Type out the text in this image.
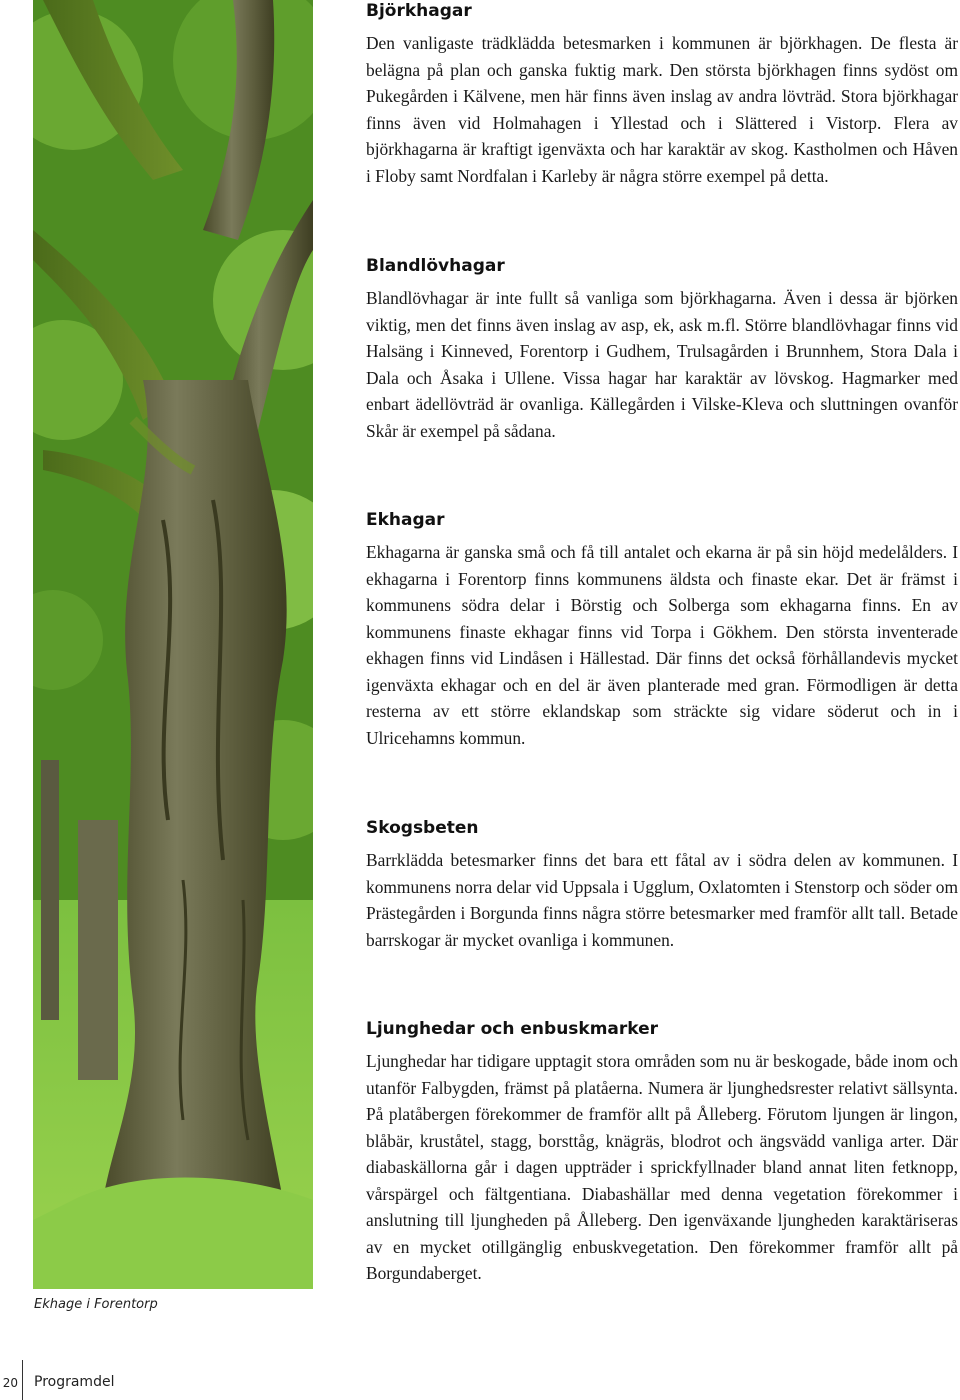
Ekhage i Forentorp
Björkhagar

Den vanligaste trädklädda betesmarken i kommunen är björkhagen. De flesta är belägna på plan och ganska fuktig mark. Den största björkhagen finns sydöst om Pukegården i Kälvene, men här finns även inslag av andra lövträd. Stora björkhagar finns även vid Holmahagen i Yllestad och i Slättered i Vistorp. Flera av björkhagarna är kraftigt igenväxta och har karaktär av skog. Kastholmen och Håven i Floby samt Nordfalan i Karleby är några större exempel på detta.

Blandlövhagar

Blandlövhagar är inte fullt så vanliga som björkhagarna. Även i dessa är björken viktig, men det finns även inslag av asp, ek, ask m.fl. Större blandlövhagar finns vid Halsäng i Kinneved, Forentorp i Gudhem, Trulsagården i Brunnhem, Stora Dala i Dala och Åsaka i Ullene. Vissa hagar har karaktär av lövskog. Hagmarker med enbart ädellövträd är ovanliga. Källegården i Vilske-Kleva och sluttningen ovanför Skår är exempel på sådana.

Ekhagar

Ekhagarna är ganska små och få till antalet och ekarna är på sin höjd medelålders. I ekhagarna i Forentorp finns kommunens äldsta och finaste ekar. Det är främst i kommunens södra delar i Börstig och Solberga som ekhagarna finns. En av kommunens finaste ekhagar finns vid Torpa i Gökhem. Den största inventerade ekhagen finns vid Lindåsen i Hällestad. Där finns det också förhållandevis mycket igenväxta ekhagar och en del är även planterade med gran. Förmodligen är detta resterna av ett större eklandskap som sträckte sig vidare söderut och in i Ulricehamns kommun.

Skogsbeten

Barrklädda betesmarker finns det bara ett fåtal av i södra delen av kommunen. I kommunens norra delar vid Uppsala i Ugglum, Oxlatomten i Stenstorp och söder om Prästegården i Borgunda finns några större betesmarker med framför allt tall. Betade barrskogar är mycket ovanliga i kommunen.

Ljunghedar och enbuskmarker

Ljunghedar har tidigare upptagit stora områden som nu är beskogade, både inom och utanför Falbygden, främst på platåerna. Numera är ljunghedsrester relativt sällsynta. På platåbergen förekommer de framför allt på Ålleberg. Förutom ljungen är lingon, blåbär, kruståtel, stagg, borsttåg, knägräs, blodrot och ängsvädd vanliga arter. Där diabaskällorna går i dagen uppträder i sprickfyllnader bland annat liten fetknopp, vårspärgel och fältgentiana. Diabashällar med denna vegetation förekommer i anslutning till ljungheden på Ålleberg. Den igenväxande ljungheden karaktäriseras av en mycket otillgänglig enbuskvegetation. Den förekommer framför allt på Borgundaberget.

20 Programdel
